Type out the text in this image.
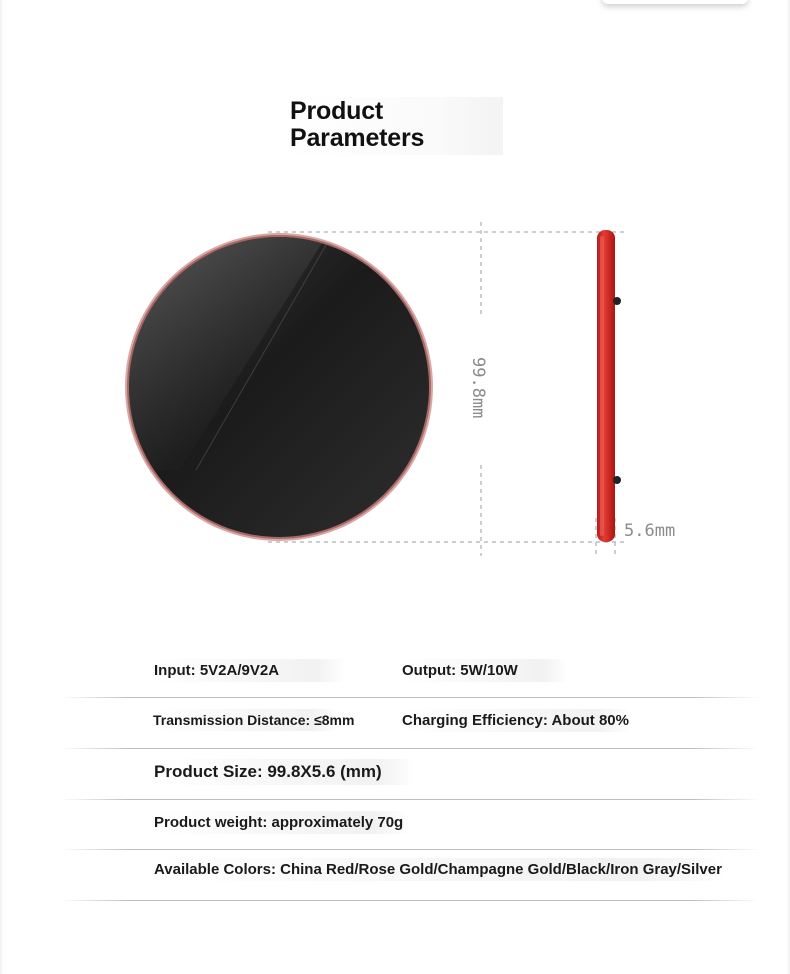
Product
Parameters
99.8mm
5.6mm
Input: 5V2A/9V2A	Output: 5W/10W
Transmission Distance: ≤8mm	Charging Efficiency: About 80%
Product Size: 99.8X5.6 (mm)
Product weight: approximately 70g
Available Colors: China Red/Rose Gold/Champagne Gold/Black/Iron Gray/Silver
